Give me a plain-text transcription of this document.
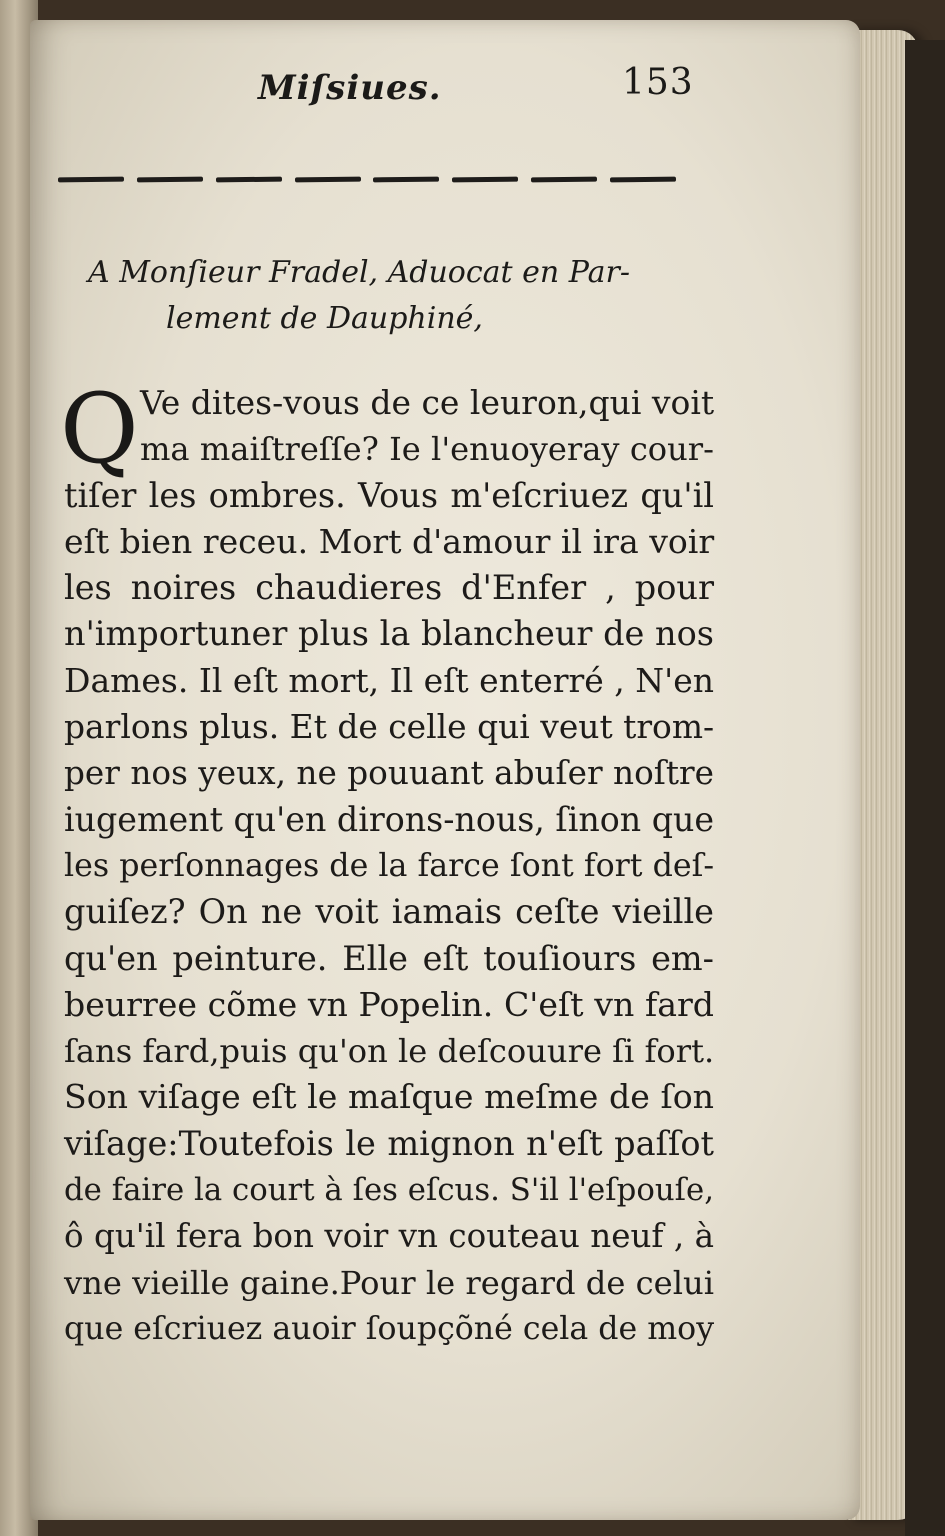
Miſsiues.	153
A Monſieur Fradel, Aduocat en Par-
lement de Dauphiné,
Q Ve dites-vous de ce leuron,qui voit
ma maiſtreſſe? Ie l'enuoyeray cour-
tiſer les ombres. Vous m'eſcriuez qu'il
eſt bien receu. Mort d'amour il ira voir
les noires chaudieres d'Enfer , pour
n'importuner plus la blancheur de nos
Dames. Il eſt mort, Il eſt enterré , N'en
parlons plus. Et de celle qui veut trom-
per nos yeux, ne pouuant abuſer noſtre
iugement qu'en dirons-nous, ſinon que
les perſonnages de la farce ſont fort deſ-
guiſez? On ne voit iamais ceſte vieille
qu'en peinture. Elle eſt touſiours em-
beurree cõme vn Popelin. C'eſt vn fard
ſans fard,puis qu'on le deſcouure ſi fort.
Son viſage eſt le maſque meſme de ſon
viſage:Toutefois le mignon n'eſt paſſot
de faire la court à ſes eſcus. S'il l'eſpouſe,
ô qu'il fera bon voir vn couteau neuf , à
vne vieille gaine.Pour le regard de celui
que eſcriuez auoir ſoupçõné cela de moy
